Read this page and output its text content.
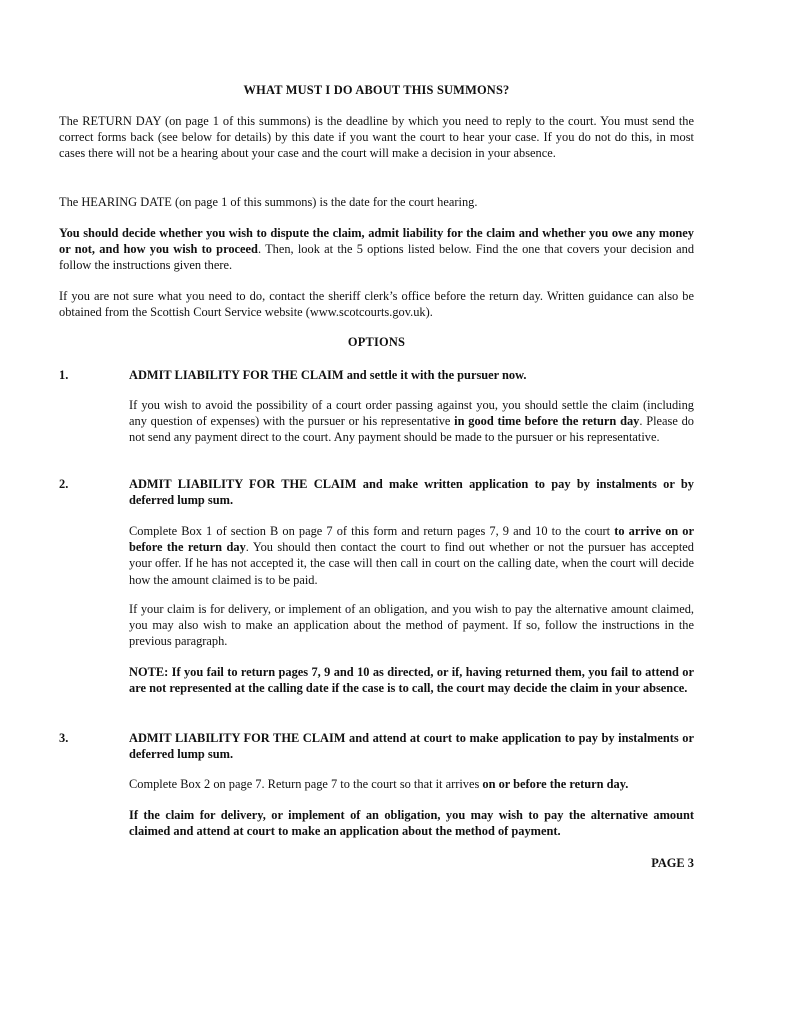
WHAT MUST I DO ABOUT THIS SUMMONS?

The RETURN DAY (on page 1 of this summons) is the deadline by which you need to reply to the court. You must send the correct forms back (see below for details) by this date if you want the court to hear your case. If you do not do this, in most cases there will not be a hearing about your case and the court will make a decision in your absence.

The HEARING DATE (on page 1 of this summons) is the date for the court hearing.

You should decide whether you wish to dispute the claim, admit liability for the claim and whether you owe any money or not, and how you wish to proceed. Then, look at the 5 options listed below. Find the one that covers your decision and follow the instructions given there.

If you are not sure what you need to do, contact the sheriff clerk’s office before the return day. Written guidance can also be obtained from the Scottish Court Service website (www.scotcourts.gov.uk).

OPTIONS

1.	ADMIT LIABILITY FOR THE CLAIM and settle it with the pursuer now.

If you wish to avoid the possibility of a court order passing against you, you should settle the claim (including any question of expenses) with the pursuer or his representative in good time before the return day. Please do not send any payment direct to the court. Any payment should be made to the pursuer or his representative.

2.	ADMIT LIABILITY FOR THE CLAIM and make written application to pay by instalments or by deferred lump sum.

Complete Box 1 of section B on page 7 of this form and return pages 7, 9 and 10 to the court to arrive on or before the return day. You should then contact the court to find out whether or not the pursuer has accepted your offer. If he has not accepted it, the case will then call in court on the calling date, when the court will decide how the amount claimed is to be paid.

If your claim is for delivery, or implement of an obligation, and you wish to pay the alternative amount claimed, you may also wish to make an application about the method of payment. If so, follow the instructions in the previous paragraph.

NOTE: If you fail to return pages 7, 9 and 10 as directed, or if, having returned them, you fail to attend or are not represented at the calling date if the case is to call, the court may decide the claim in your absence.

3.	ADMIT LIABILITY FOR THE CLAIM and attend at court to make application to pay by instalments or deferred lump sum.

Complete Box 2 on page 7. Return page 7 to the court so that it arrives on or before the return day.

If the claim for delivery, or implement of an obligation, you may wish to pay the alternative amount claimed and attend at court to make an application about the method of payment.

PAGE 3
